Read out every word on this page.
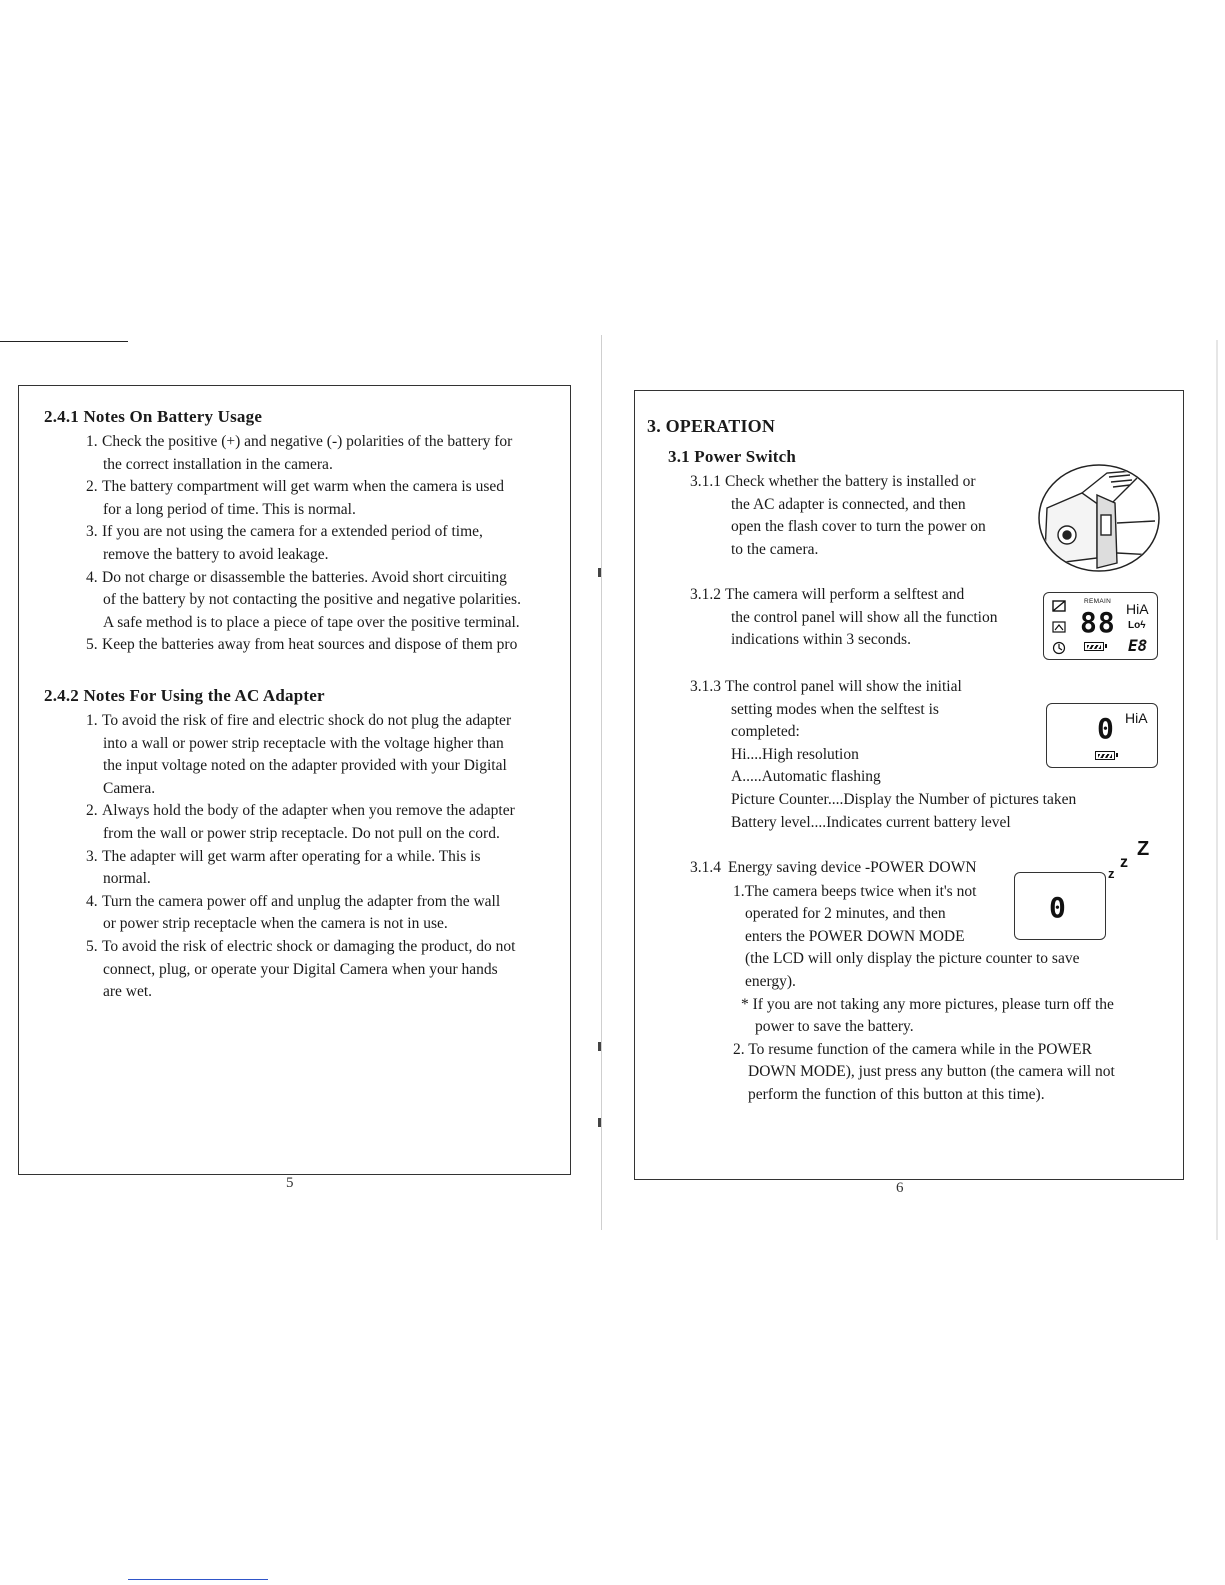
2.4.1 Notes On Battery Usage
1. Check the positive (+) and negative (-) polarities of the battery for
the correct installation in the camera.
2. The battery compartment will get warm when the camera is used
for a long period of time. This is normal.
3. If you are not using the camera for a extended period of time,
remove the battery to avoid leakage.
4. Do not charge or disassemble the batteries. Avoid short circuiting
of the battery by not contacting the positive and negative polarities.
A safe method is to place a piece of tape over the positive terminal.
5. Keep the batteries away from heat sources and dispose of them pro
2.4.2 Notes For Using the AC Adapter
1. To avoid the risk of fire and electric shock do not plug the adapter
into a wall or power strip receptacle with the voltage higher than
the input voltage noted on the adapter provided with your Digital
Camera.
2. Always hold the body of the adapter when you remove the adapter
from the wall or power strip receptacle. Do not pull on the cord.
3. The adapter will get warm after operating for a while. This is
normal.
4. Turn the camera power off and unplug the adapter from the wall
or power strip receptacle when the camera is not in use.
5. To avoid the risk of electric shock or damaging the product, do not
connect, plug, or operate your Digital Camera when your hands
are wet.
5
3. OPERATION
3.1 Power Switch
3.1.1 Check whether the battery is installed or
the AC adapter is connected, and then
open the flash cover to turn the power on
to the camera.
3.1.2 The camera will perform a selftest and
the control panel will show all the function
indications within 3 seconds.
3.1.3 The control panel will show the initial
setting modes when the selftest is
completed:
Hi....High resolution
A.....Automatic flashing
Picture Counter....Display the Number of pictures taken
Battery level....Indicates current battery level
3.1.4 Energy saving device -POWER DOWN
1.The camera beeps twice when it's not
operated for 2 minutes, and then
enters the POWER DOWN MODE
(the LCD will only display the picture counter to save
energy).
* If you are not taking any more pictures, please turn off the
power to save the battery.
2. To resume function of the camera while in the POWER
DOWN MODE), just press any button (the camera will not
perform the function of this button at this time).
REMAIN
88 HiA
Loϟ
E8
0 HiA
0
z
z
Z
6
